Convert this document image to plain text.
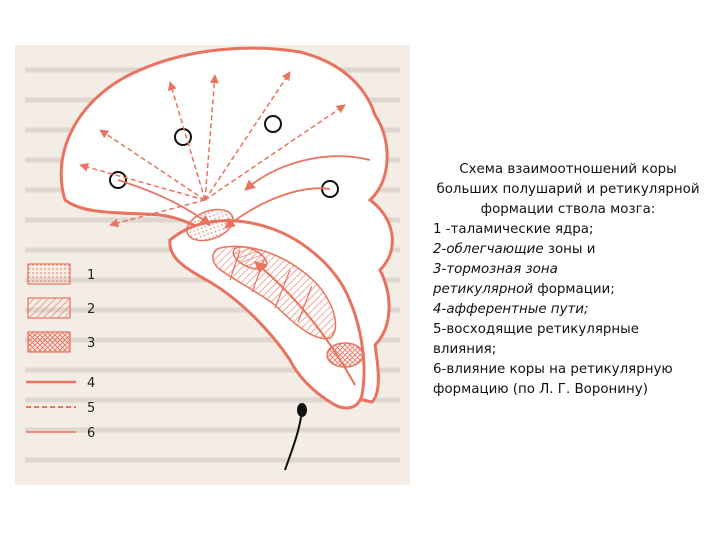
1
2
3
4
5
6
Схема взаимоотношений коры больших полушарий и ретикулярной формации ствола мозга:
1 -таламические ядра;
2-облегчающие зоны и
3-тормозная зона
ретикулярной формации;
4-афферентные пути;
5-восходящие ретикулярные влияния;
6-влияние коры на ретикулярную формацию (по Л. Г. Воронину)
